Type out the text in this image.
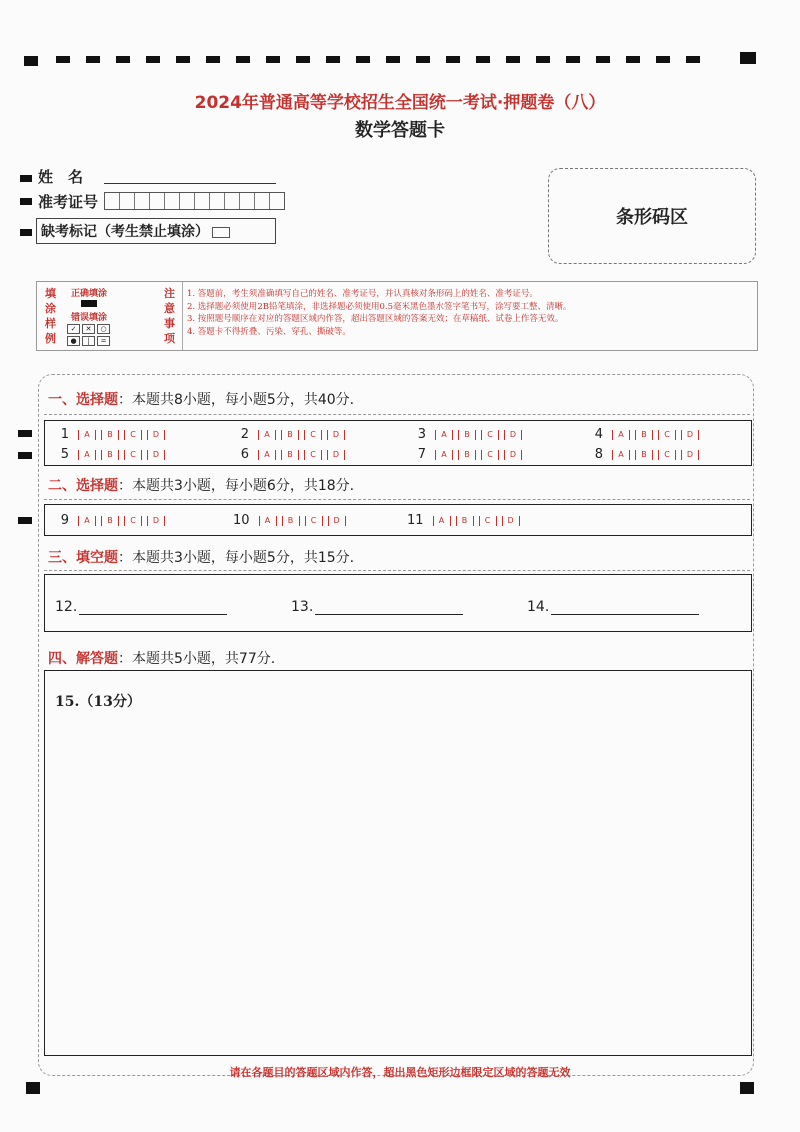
2024年普通高等学校招生全国统一考试·押题卷（八）
数学答题卡
姓　名
准考证号
缺考标记（考生禁止填涂）
条形码区
填
涂
样
例
正确填涂
错误填涂
✓ ✕ ○
● | =
注
意
事
项
1. 答题前，考生须准确填写自己的姓名、准考证号，并认真核对条形码上的姓名、准考证号。
2. 选择题必须使用2B铅笔填涂，非选择题必须使用0.5毫米黑色墨水签字笔书写，涂写要工整、清晰。
3. 按照题号顺序在对应的答题区域内作答，超出答题区域的答案无效；在草稿纸、试卷上作答无效。
4. 答题卡不得折叠、污染、穿孔、撕破等。
一、选择题：本题共8小题，每小题5分，共40分.
1	A	B	C	D	2	A	B	C	D	3	A	B	C	D	4	A	B	C	D
5	A	B	C	D	6	A	B	C	D	7	A	B	C	D	8	A	B	C	D
二、选择题：本题共3小题，每小题6分，共18分.
9	A	B	C	D	10	A	B	C	D	11	A	B	C	D
三、填空题：本题共3小题，每小题5分，共15分.
12.	13.	14.
四、解答题：本题共5小题，共77分.
15.（13分）
请在各题目的答题区域内作答，超出黑色矩形边框限定区域的答题无效
